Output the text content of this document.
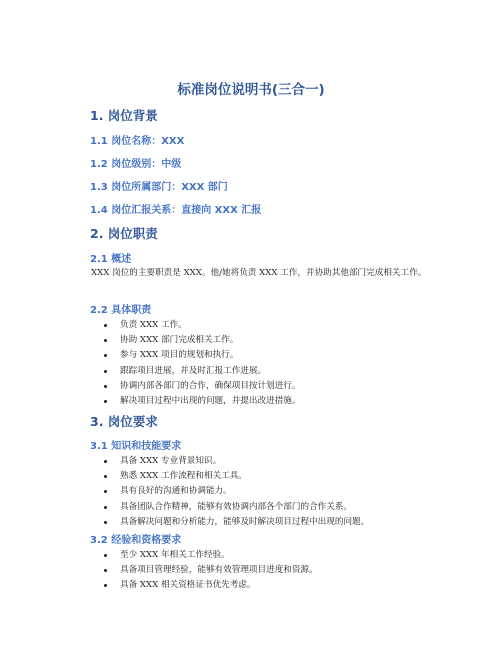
标准岗位说明书(三合一)
1. 岗位背景
1.1 岗位名称：XXX
1.2 岗位级别：中级
1.3 岗位所属部门：XXX 部门
1.4 岗位汇报关系：直接向 XXX 汇报
2. 岗位职责
2.1 概述
XXX 岗位的主要职责是 XXX。他/她将负责 XXX 工作，并协助其他部门完成相关工作。
2.2 具体职责
负责 XXX 工作。
协助 XXX 部门完成相关工作。
参与 XXX 项目的规划和执行。
跟踪项目进展，并及时汇报工作进展。
协调内部各部门的合作，确保项目按计划进行。
解决项目过程中出现的问题，并提出改进措施。
3. 岗位要求
3.1 知识和技能要求
具备 XXX 专业背景知识。
熟悉 XXX 工作流程和相关工具。
具有良好的沟通和协调能力。
具备团队合作精神，能够有效协调内部各个部门的合作关系。
具备解决问题和分析能力，能够及时解决项目过程中出现的问题。
3.2 经验和资格要求
至少 XXX 年相关工作经验。
具备项目管理经验，能够有效管理项目进度和资源。
具备 XXX 相关资格证书优先考虑。
